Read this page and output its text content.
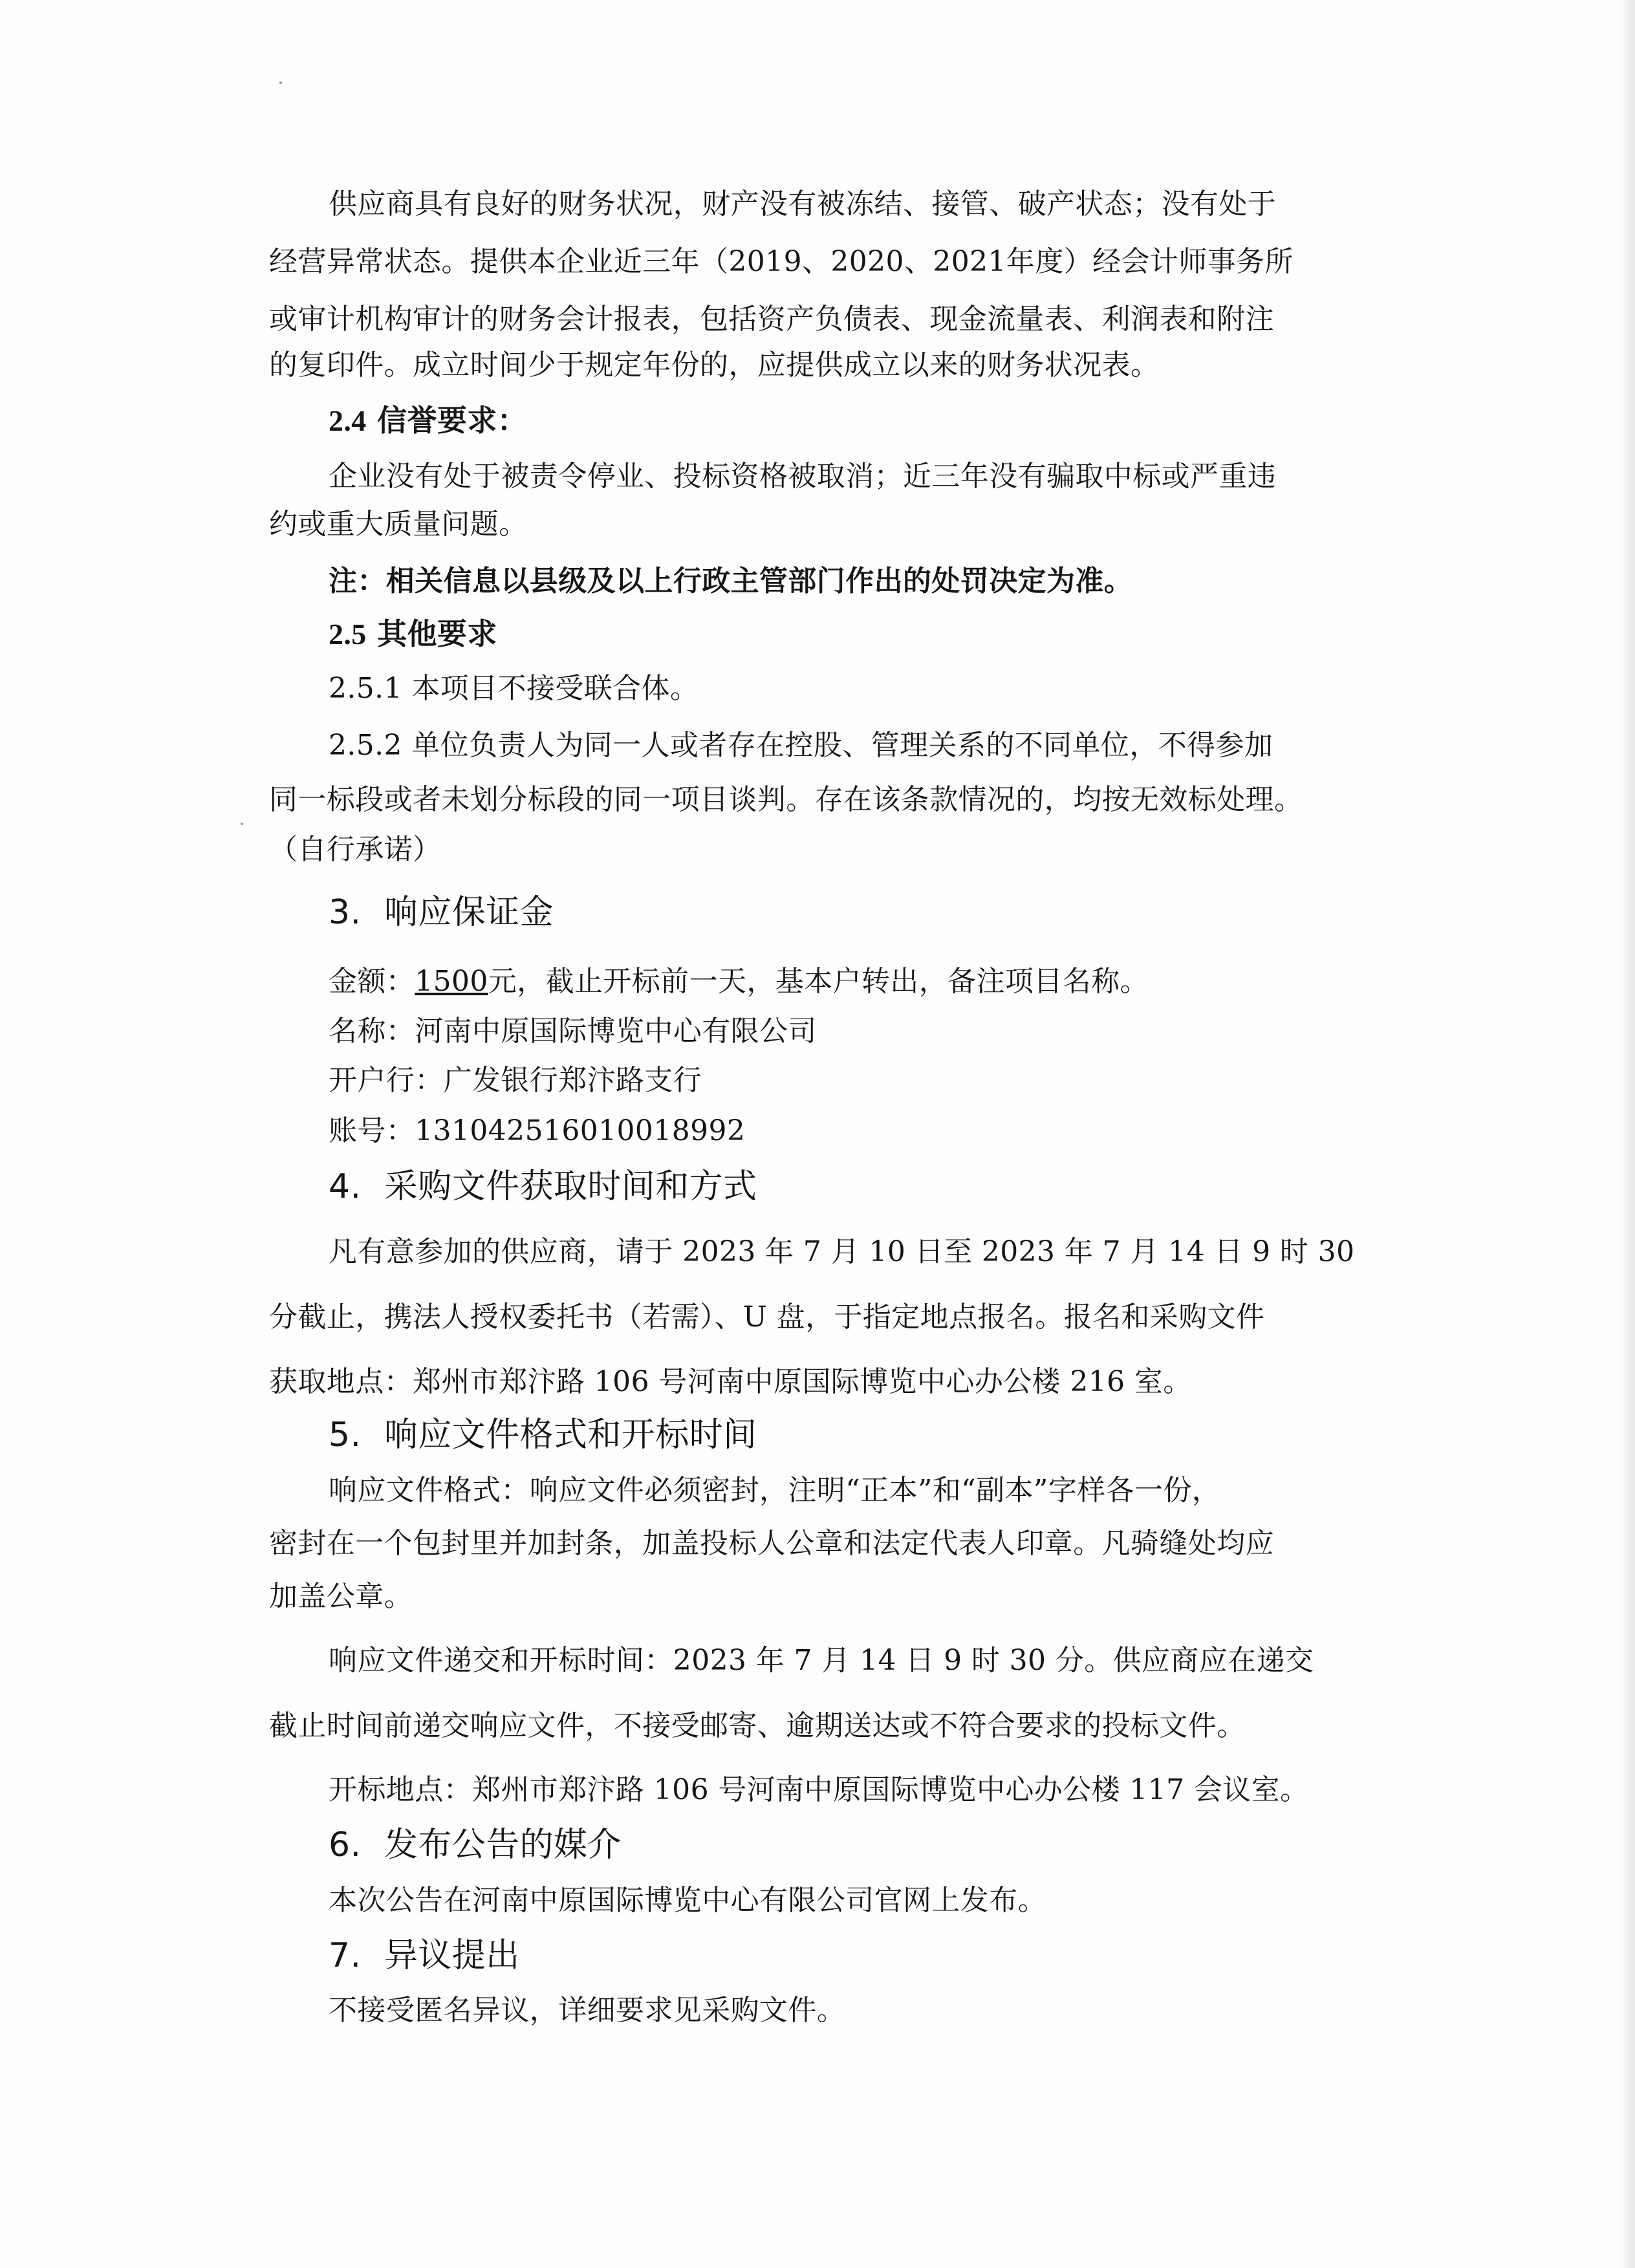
供应商具有良好的财务状况，财产没有被冻结、接管、破产状态；没有处于
经营异常状态。提供本企业近三年（2019、2020、2021年度）经会计师事务所
或审计机构审计的财务会计报表，包括资产负债表、现金流量表、利润表和附注
的复印件。成立时间少于规定年份的，应提供成立以来的财务状况表。
2.4 信誉要求：
企业没有处于被责令停业、投标资格被取消；近三年没有骗取中标或严重违
约或重大质量问题。
注：相关信息以县级及以上行政主管部门作出的处罚决定为准。
2.5 其他要求
2.5.1 本项目不接受联合体。
2.5.2 单位负责人为同一人或者存在控股、管理关系的不同单位，不得参加
同一标段或者未划分标段的同一项目谈判。存在该条款情况的，均按无效标处理。
（自行承诺）
3. 响应保证金
金额：1500元，截止开标前一天，基本户转出，备注项目名称。
名称：河南中原国际博览中心有限公司
开户行：广发银行郑汴路支行
账号：131042516010018992
4. 采购文件获取时间和方式
凡有意参加的供应商，请于 2023 年 7 月 10 日至 2023 年 7 月 14 日 9 时 30
分截止，携法人授权委托书（若需）、U 盘，于指定地点报名。报名和采购文件
获取地点：郑州市郑汴路 106 号河南中原国际博览中心办公楼 216 室。
5. 响应文件格式和开标时间
响应文件格式：响应文件必须密封，注明“正本”和“副本”字样各一份，
密封在一个包封里并加封条，加盖投标人公章和法定代表人印章。凡骑缝处均应
加盖公章。
响应文件递交和开标时间：2023 年 7 月 14 日 9 时 30 分。供应商应在递交
截止时间前递交响应文件，不接受邮寄、逾期送达或不符合要求的投标文件。
开标地点：郑州市郑汴路 106 号河南中原国际博览中心办公楼 117 会议室。
6. 发布公告的媒介
本次公告在河南中原国际博览中心有限公司官网上发布。
7. 异议提出
不接受匿名异议，详细要求见采购文件。
